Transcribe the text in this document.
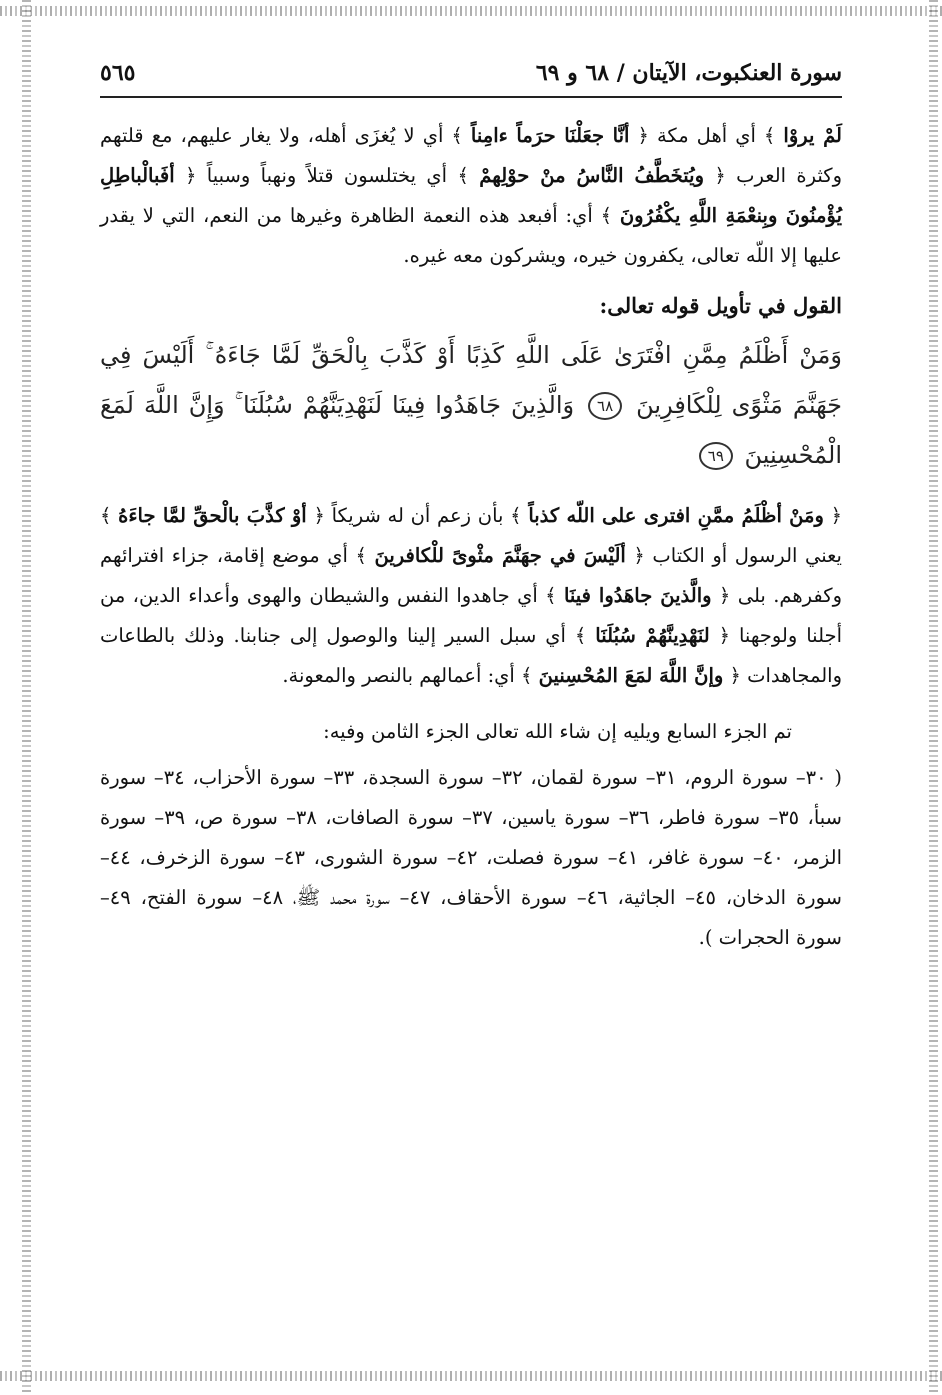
سورة العنكبوت، الآيتان / ٦٨ و ٦٩
٥٦٥

لَمْ يروْا ﴾ أي أهل مكة ﴿ أنَّا جعَلْنَا حرَماً ءامِناً ﴾ أي لا يُغزَى أهله، ولا يغار عليهم، مع قلتهم وكثرة العرب ﴿ ويُتخَطَّفُ النَّاسُ منْ حوْلِهمْ ﴾ أي يختلسون قتلاً ونهباً وسبياً ﴿ أفَبالْباطِلِ يُؤْمنُونَ وبِنعْمَةِ اللَّهِ يكْفُرُونَ ﴾ أي: أفبعد هذه النعمة الظاهرة وغيرها من النعم، التي لا يقدر عليها إلا اللّه تعالى، يكفرون خيره، ويشركون معه غيره.

القول في تأويل قوله تعالى:
وَمَنْ أَظْلَمُ مِمَّنِ افْتَرَىٰ عَلَى اللَّهِ كَذِبًا أَوْ كَذَّبَ بِالْحَقِّ لَمَّا جَاءَهُ ۚ أَلَيْسَ فِي جَهَنَّمَ مَثْوًى لِلْكَافِرِينَ ٦٨ وَالَّذِينَ جَاهَدُوا فِينَا لَنَهْدِيَنَّهُمْ سُبُلَنَا ۚ وَإِنَّ اللَّهَ لَمَعَ الْمُحْسِنِينَ ٦٩

﴿ ومَنْ أظْلَمُ ممَّنِ افترى على اللّه كذباً ﴾ بأن زعم أن له شريكاً ﴿ أوْ كذَّبَ بالْحقِّ لمَّا جاءَهُ ﴾ يعني الرسول أو الكتاب ﴿ ألَيْسَ في جهَنَّمَ مثْوىً للْكافرينَ ﴾ أي موضع إقامة، جزاء افترائهم وكفرهم. بلى ﴿ والَّذينَ جاهَدُوا فينَا ﴾ أي جاهدوا النفس والشيطان والهوى وأعداء الدين، من أجلنا ولوجهنا ﴿ لنَهْدِينَّهُمْ سُبُلَنَا ﴾ أي سبل السير إلينا والوصول إلى جنابنا. وذلك بالطاعات والمجاهدات ﴿ وإنَّ اللَّهَ لمَعَ المُحْسِنينَ ﴾ أي: أعمالهم بالنصر والمعونة.

تم الجزء السابع ويليه إن شاء الله تعالى الجزء الثامن وفيه:

( ٣٠– سورة الروم، ٣١– سورة لقمان، ٣٢– سورة السجدة، ٣٣– سورة الأحزاب، ٣٤– سورة سبأ، ٣٥– سورة فاطر، ٣٦– سورة ياسين، ٣٧– سورة الصافات، ٣٨– سورة ص، ٣٩– سورة الزمر، ٤٠– سورة غافر، ٤١– سورة فصلت، ٤٢– سورة الشورى، ٤٣– سورة الزخرف، ٤٤– سورة الدخان، ٤٥– الجاثية، ٤٦– سورة الأحقاف، ٤٧– سورة محمد ﷺ، ٤٨– سورة الفتح، ٤٩– سورة الحجرات ).
